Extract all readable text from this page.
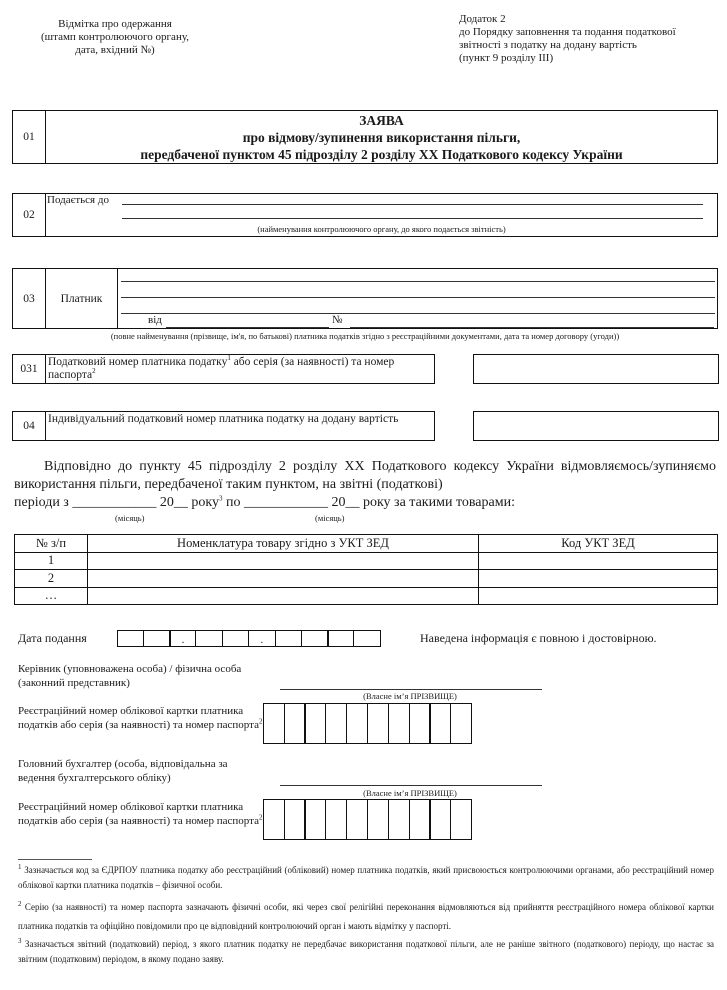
Відмітка про одержання
(штамп контролюючого органу,
дата, вхідний №)
Додаток 2
до Порядку заповнення та подання податкової
звітності з податку на додану вартість
(пункт 9 розділу III)
01
ЗАЯВА
про відмову/зупинення використання пільги,
передбаченої пунктом 45 підрозділу 2 розділу XX Податкового кодексу України
02
Подається до
(найменування контролюючого органу, до якого подається звітність)
03	Платник
від	№
(повне найменування (прізвище, ім'я, по батькові) платника податків згідно з реєстраційними документами, дата та номер договору (угоди))
031
Податковий номер платника податку$^1$ або серія (за наявності) та номер паспорта$^2$
04
Індивідуальний податковий номер платника податку на додану вартість
Відповідно до пункту 45 підрозділу 2 розділу XX Податкового кодексу України відмовляємось/зупиняємо використання пільги, передбаченої таким пунктом, на звітні (податкові)
періоди з ____________ 20__ року$^3$ по ____________ 20__ року за такими товарами:
(місяць)	(місяць)
№ з/п	Номенклатура товару згідно з УКТ ЗЕД	Код УКТ ЗЕД
1		
2		
…		
Дата подання	.	.	Наведена інформація є повною і достовірною.
Керівник (уповноважена особа) / фізична особа (законний представник)
(Власне ім’я ПРІЗВИЩЕ)
Реєстраційний номер облікової картки платника податків або серія (за наявності) та номер паспорта$^2$
Головний бухгалтер (особа, відповідальна за ведення бухгалтерського обліку)
(Власне ім’я ПРІЗВИЩЕ)
Реєстраційний номер облікової картки платника податків або серія (за наявності) та номер паспорта$^2$
$^1$ Зазначається код за ЄДРПОУ платника податку або реєстраційний (обліковий) номер платника податків, який присвоюється контролюючими органами, або реєстраційний номер облікової картки платника податків – фізичної особи.
$^2$ Серію (за наявності) та номер паспорта зазначають фізичні особи, які через свої релігійні переконання відмовляються від прийняття реєстраційного номера облікової картки платника податків та офіційно повідомили про це відповідний контролюючий орган і мають відмітку у паспорті.
$^3$ Зазначається звітний (податковий) період, з якого платник податку не передбачає використання податкової пільги, але не раніше звітного (податкового) періоду, що настає за звітним (податковим) періодом, в якому подано заяву.
